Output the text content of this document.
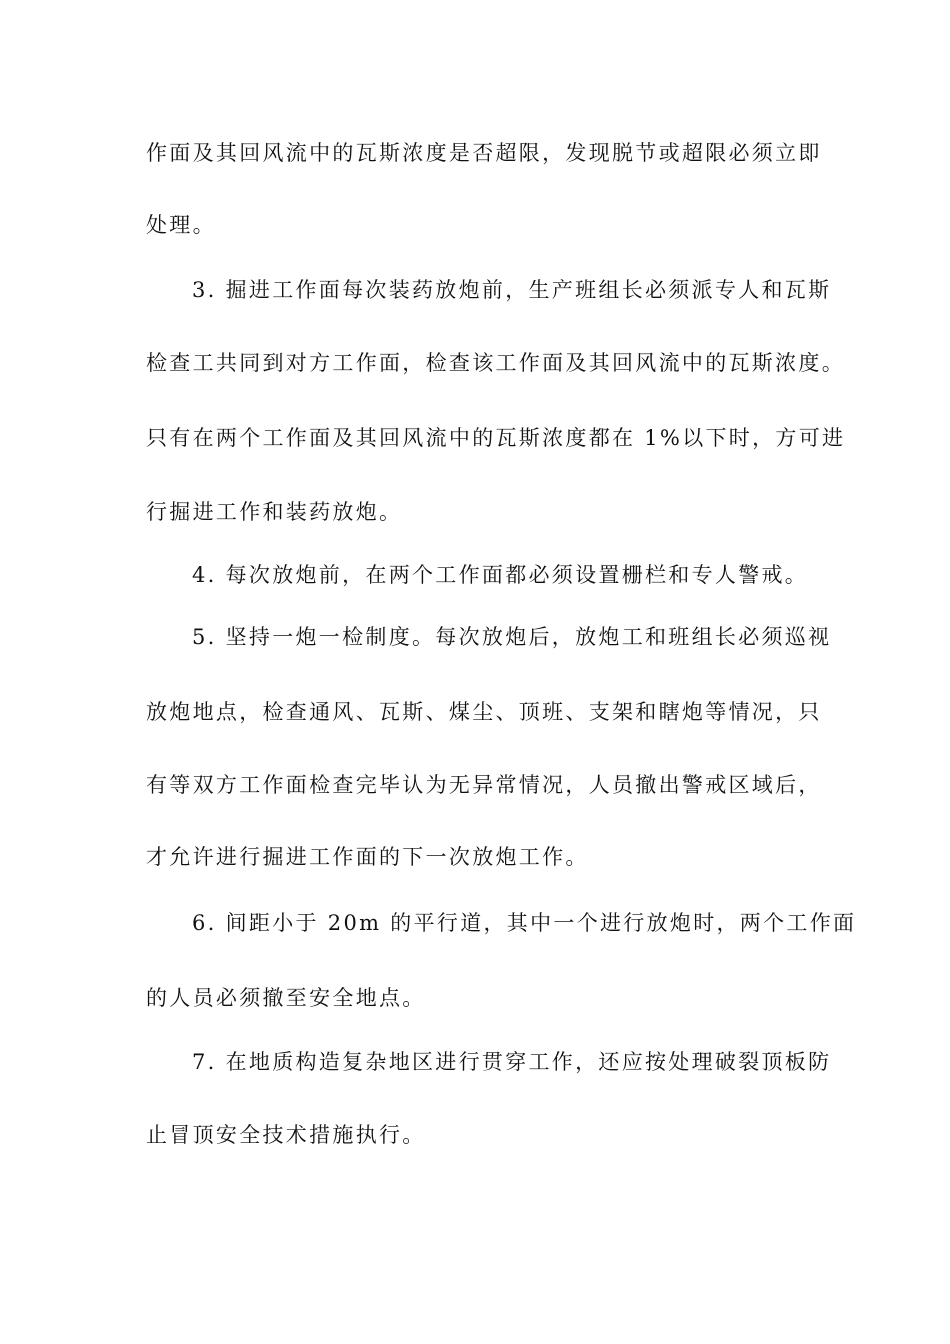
作面及其回风流中的瓦斯浓度是否超限，发现脱节或超限必须立即
处理。
3. 掘进工作面每次装药放炮前，生产班组长必须派专人和瓦斯
检查工共同到对方工作面，检查该工作面及其回风流中的瓦斯浓度。
只有在两个工作面及其回风流中的瓦斯浓度都在 1%以下时，方可进
行掘进工作和装药放炮。
4. 每次放炮前，在两个工作面都必须设置栅栏和专人警戒。
5. 坚持一炮一检制度。每次放炮后，放炮工和班组长必须巡视
放炮地点，检查通风、瓦斯、煤尘、顶班、支架和瞎炮等情况，只
有等双方工作面检查完毕认为无异常情况，人员撤出警戒区域后，
才允许进行掘进工作面的下一次放炮工作。
6. 间距小于 20m 的平行道，其中一个进行放炮时，两个工作面
的人员必须撤至安全地点。
7. 在地质构造复杂地区进行贯穿工作，还应按处理破裂顶板防
止冒顶安全技术措施执行。
